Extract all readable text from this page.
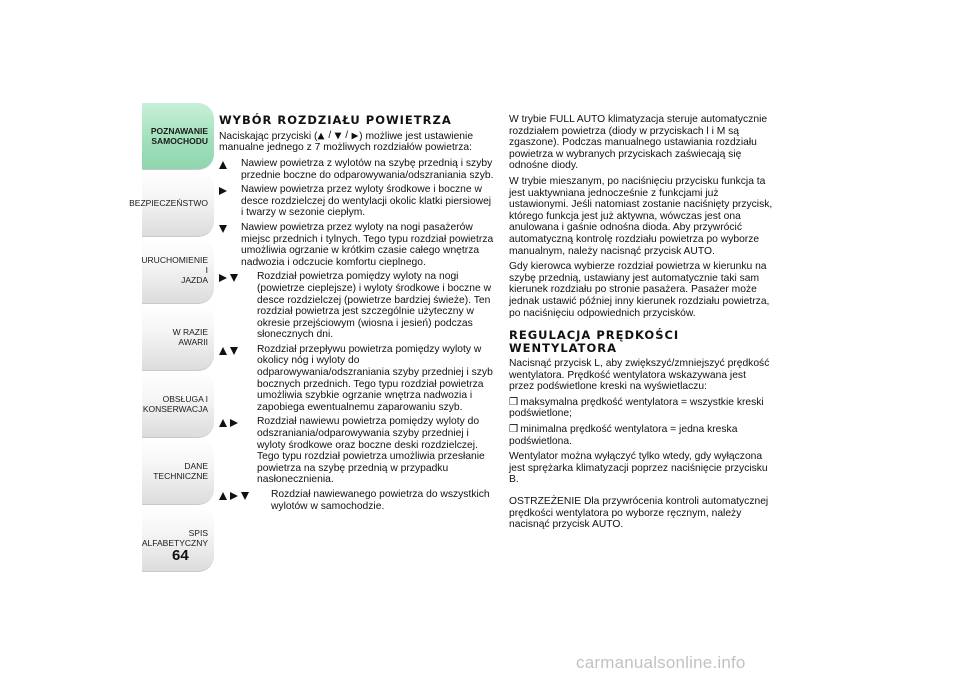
POZNAWANIE
SAMOCHODU
BEZPIECZEŃSTWO
URUCHOMIENIE I
JAZDA
W RAZIE AWARII
OBSŁUGA I
KONSERWACJA
DANE TECHNICZNE
SPIS ALFABETYCZNY
64
WYBÓR ROZDZIAŁU POWIETRZA

Naciskając przyciski ( / / ) możliwe jest ustawienie manualne jednego z 7 możliwych rozdziałów powietrza:

Nawiew powietrza z wylotów na szybę przednią i szyby przednie boczne do odparowywania/odszraniania szyb.
Nawiew powietrza przez wyloty środkowe i boczne w desce rozdzielczej do wentylacji okolic klatki piersiowej i twarzy w sezonie ciepłym.
Nawiew powietrza przez wyloty na nogi pasażerów miejsc przednich i tylnych. Tego typu rozdział powietrza umożliwia ogrzanie w krótkim czasie całego wnętrza nadwozia i odczucie komfortu cieplnego.
Rozdział powietrza pomiędzy wyloty na nogi (powietrze cieplejsze) i wyloty środkowe i boczne w desce rozdzielczej (powietrze bardziej świeże). Ten rozdział powietrza jest szczególnie użyteczny w okresie przejściowym (wiosna i jesień) podczas słonecznych dni.
Rozdział przepływu powietrza pomiędzy wyloty w okolicy nóg i wyloty do odparowywania/odszraniania szyby przedniej i szyb bocznych przednich. Tego typu rozdział powietrza umożliwia szybkie ogrzanie wnętrza nadwozia i zapobiega ewentualnemu zaparowaniu szyb.
Rozdział nawiewu powietrza pomiędzy wyloty do odszraniania/odparowywania szyby przedniej i wyloty środkowe oraz boczne deski rozdzielczej. Tego typu rozdział powietrza umożliwia przesłanie powietrza na szybę przednią w przypadku nasłonecznienia.
Rozdział nawiewanego powietrza do wszystkich wylotów w samochodzie.

W trybie FULL AUTO klimatyzacja steruje automatycznie rozdziałem powietrza (diody w przyciskach l i M są zgaszone). Podczas manualnego ustawiania rozdziału powietrza w wybranych przyciskach zaświecają się odnośne diody.

W trybie mieszanym, po naciśnięciu przycisku funkcja ta jest uaktywniana jednocześnie z funkcjami już ustawionymi. Jeśli natomiast zostanie naciśnięty przycisk, którego funkcja jest już aktywna, wówczas jest ona anulowana i gaśnie odnośna dioda. Aby przywrócić automatyczną kontrolę rozdziału powietrza po wyborze manualnym, należy nacisnąć przycisk AUTO.

Gdy kierowca wybierze rozdział powietrza w kierunku na szybę przednią, ustawiany jest automatycznie taki sam kierunek rozdziału po stronie pasażera. Pasażer może jednak ustawić później inny kierunek rozdziału powietrza, po naciśnięciu odpowiednich przycisków.

REGULACJA PRĘDKOŚCI WENTYLATORA

Nacisnąć przycisk L, aby zwiększyć/zmniejszyć prędkość wentylatora. Prędkość wentylatora wskazywana jest przez podświetlone kreski na wyświetlaczu:

❒ maksymalna prędkość wentylatora = wszystkie kreski podświetlone;

❒ minimalna prędkość wentylatora = jedna kreska podświetlona.

Wentylator można wyłączyć tylko wtedy, gdy wyłączona jest sprężarka klimatyzacji poprzez naciśnięcie przycisku B.

OSTRZEŻENIE Dla przywrócenia kontroli automatycznej prędkości wentylatora po wyborze ręcznym, należy nacisnąć przycisk AUTO.

carmanualsonline.info
